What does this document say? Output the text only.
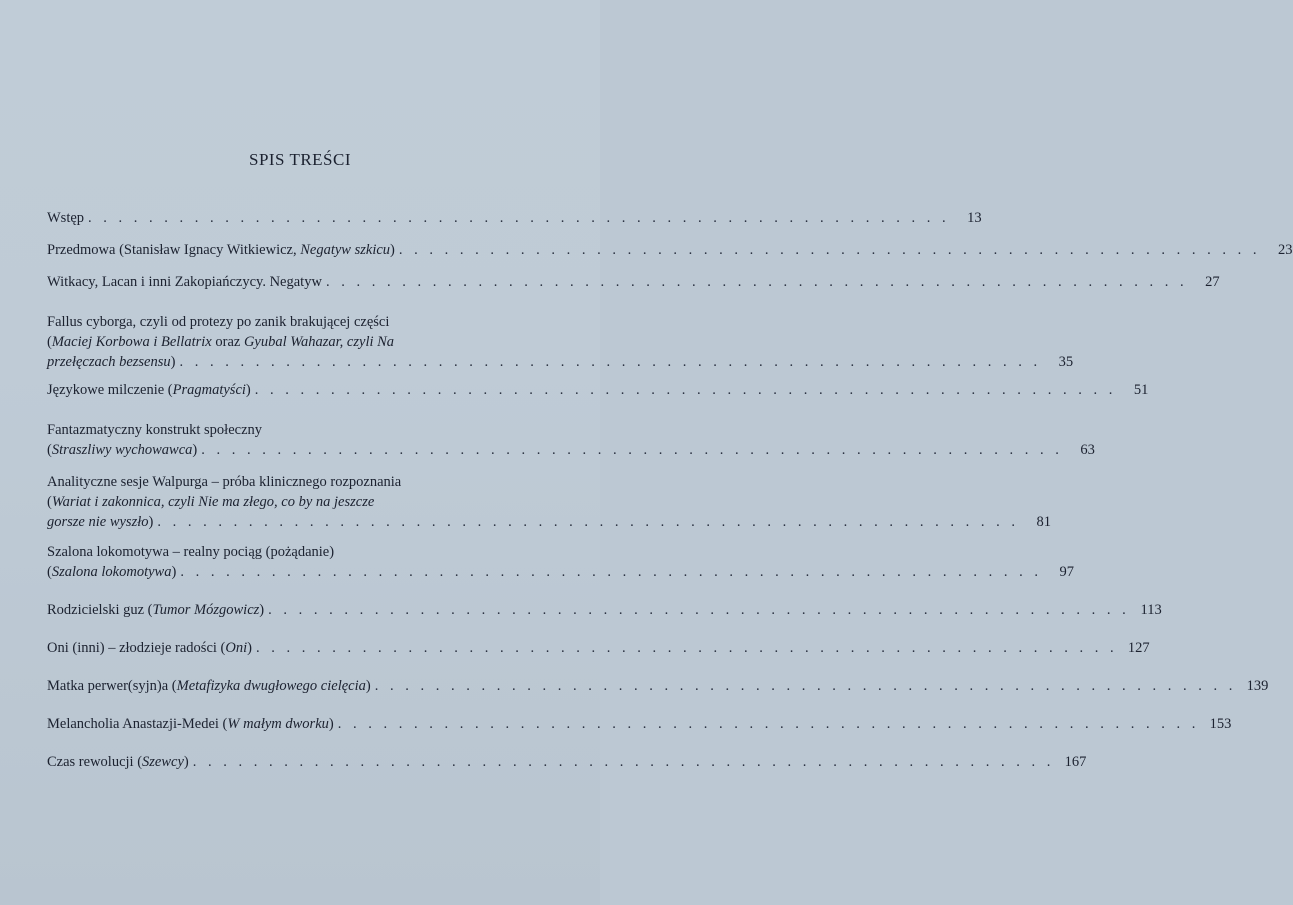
SPIS TREŚCI
Wstęp . . . . . . . . . . . . . . . . . . . . . . . . . . . . . . . . . . . . . . . . . . . . . . . . . . . . . . . . .	13
Przedmowa (Stanisław Ignacy Witkiewicz, Negatyw szkicu) . . . . . . . . . . . . . . . . . . . . . . . . . . . . . . . . . . . . . . . . . . . . . . . . . . . . . . . . .	23
Witkacy, Lacan i inni Zakopiańczycy. Negatyw . . . . . . . . . . . . . . . . . . . . . . . . . . . . . . . . . . . . . . . . . . . . . . . . . . . . . . . . .	27
Fallus cyborga, czyli od protezy po zanik brakującej części
(Maciej Korbowa i Bellatrix oraz Gyubal Wahazar, czyli Na
przełęczach bezsensu) . . . . . . . . . . . . . . . . . . . . . . . . . . . . . . . . . . . . . . . . . . . . . . . . . . . . . . . . .	35
Językowe milczenie (Pragmatyści) . . . . . . . . . . . . . . . . . . . . . . . . . . . . . . . . . . . . . . . . . . . . . . . . . . . . . . . . .	51
Fantazmatyczny konstrukt społeczny
(Straszliwy wychowawca) . . . . . . . . . . . . . . . . . . . . . . . . . . . . . . . . . . . . . . . . . . . . . . . . . . . . . . . . .	63
Analityczne sesje Walpurga – próba klinicznego rozpoznania
(Wariat i zakonnica, czyli Nie ma złego, co by na jeszcze
gorsze nie wyszło) . . . . . . . . . . . . . . . . . . . . . . . . . . . . . . . . . . . . . . . . . . . . . . . . . . . . . . . . .	81
Szalona lokomotywa – realny pociąg (pożądanie)
(Szalona lokomotywa) . . . . . . . . . . . . . . . . . . . . . . . . . . . . . . . . . . . . . . . . . . . . . . . . . . . . . . . . .	97
Rodzicielski guz (Tumor Mózgowicz) . . . . . . . . . . . . . . . . . . . . . . . . . . . . . . . . . . . . . . . . . . . . . . . . . . . . . . . . . 113
Oni (inni) – złodzieje radości (Oni) . . . . . . . . . . . . . . . . . . . . . . . . . . . . . . . . . . . . . . . . . . . . . . . . . . . . . . . . . 127
Matka perwer(syjn)a (Metafizyka dwugłowego cielęcia) . . . . . . . . . . . . . . . . . . . . . . . . . . . . . . . . . . . . . . . . . . . . . . . . . . . . . . . . . 139
Melancholia Anastazji-Medei (W małym dworku) . . . . . . . . . . . . . . . . . . . . . . . . . . . . . . . . . . . . . . . . . . . . . . . . . . . . . . . . . 153
Czas rewolucji (Szewcy) . . . . . . . . . . . . . . . . . . . . . . . . . . . . . . . . . . . . . . . . . . . . . . . . . . . . . . . . . 167
